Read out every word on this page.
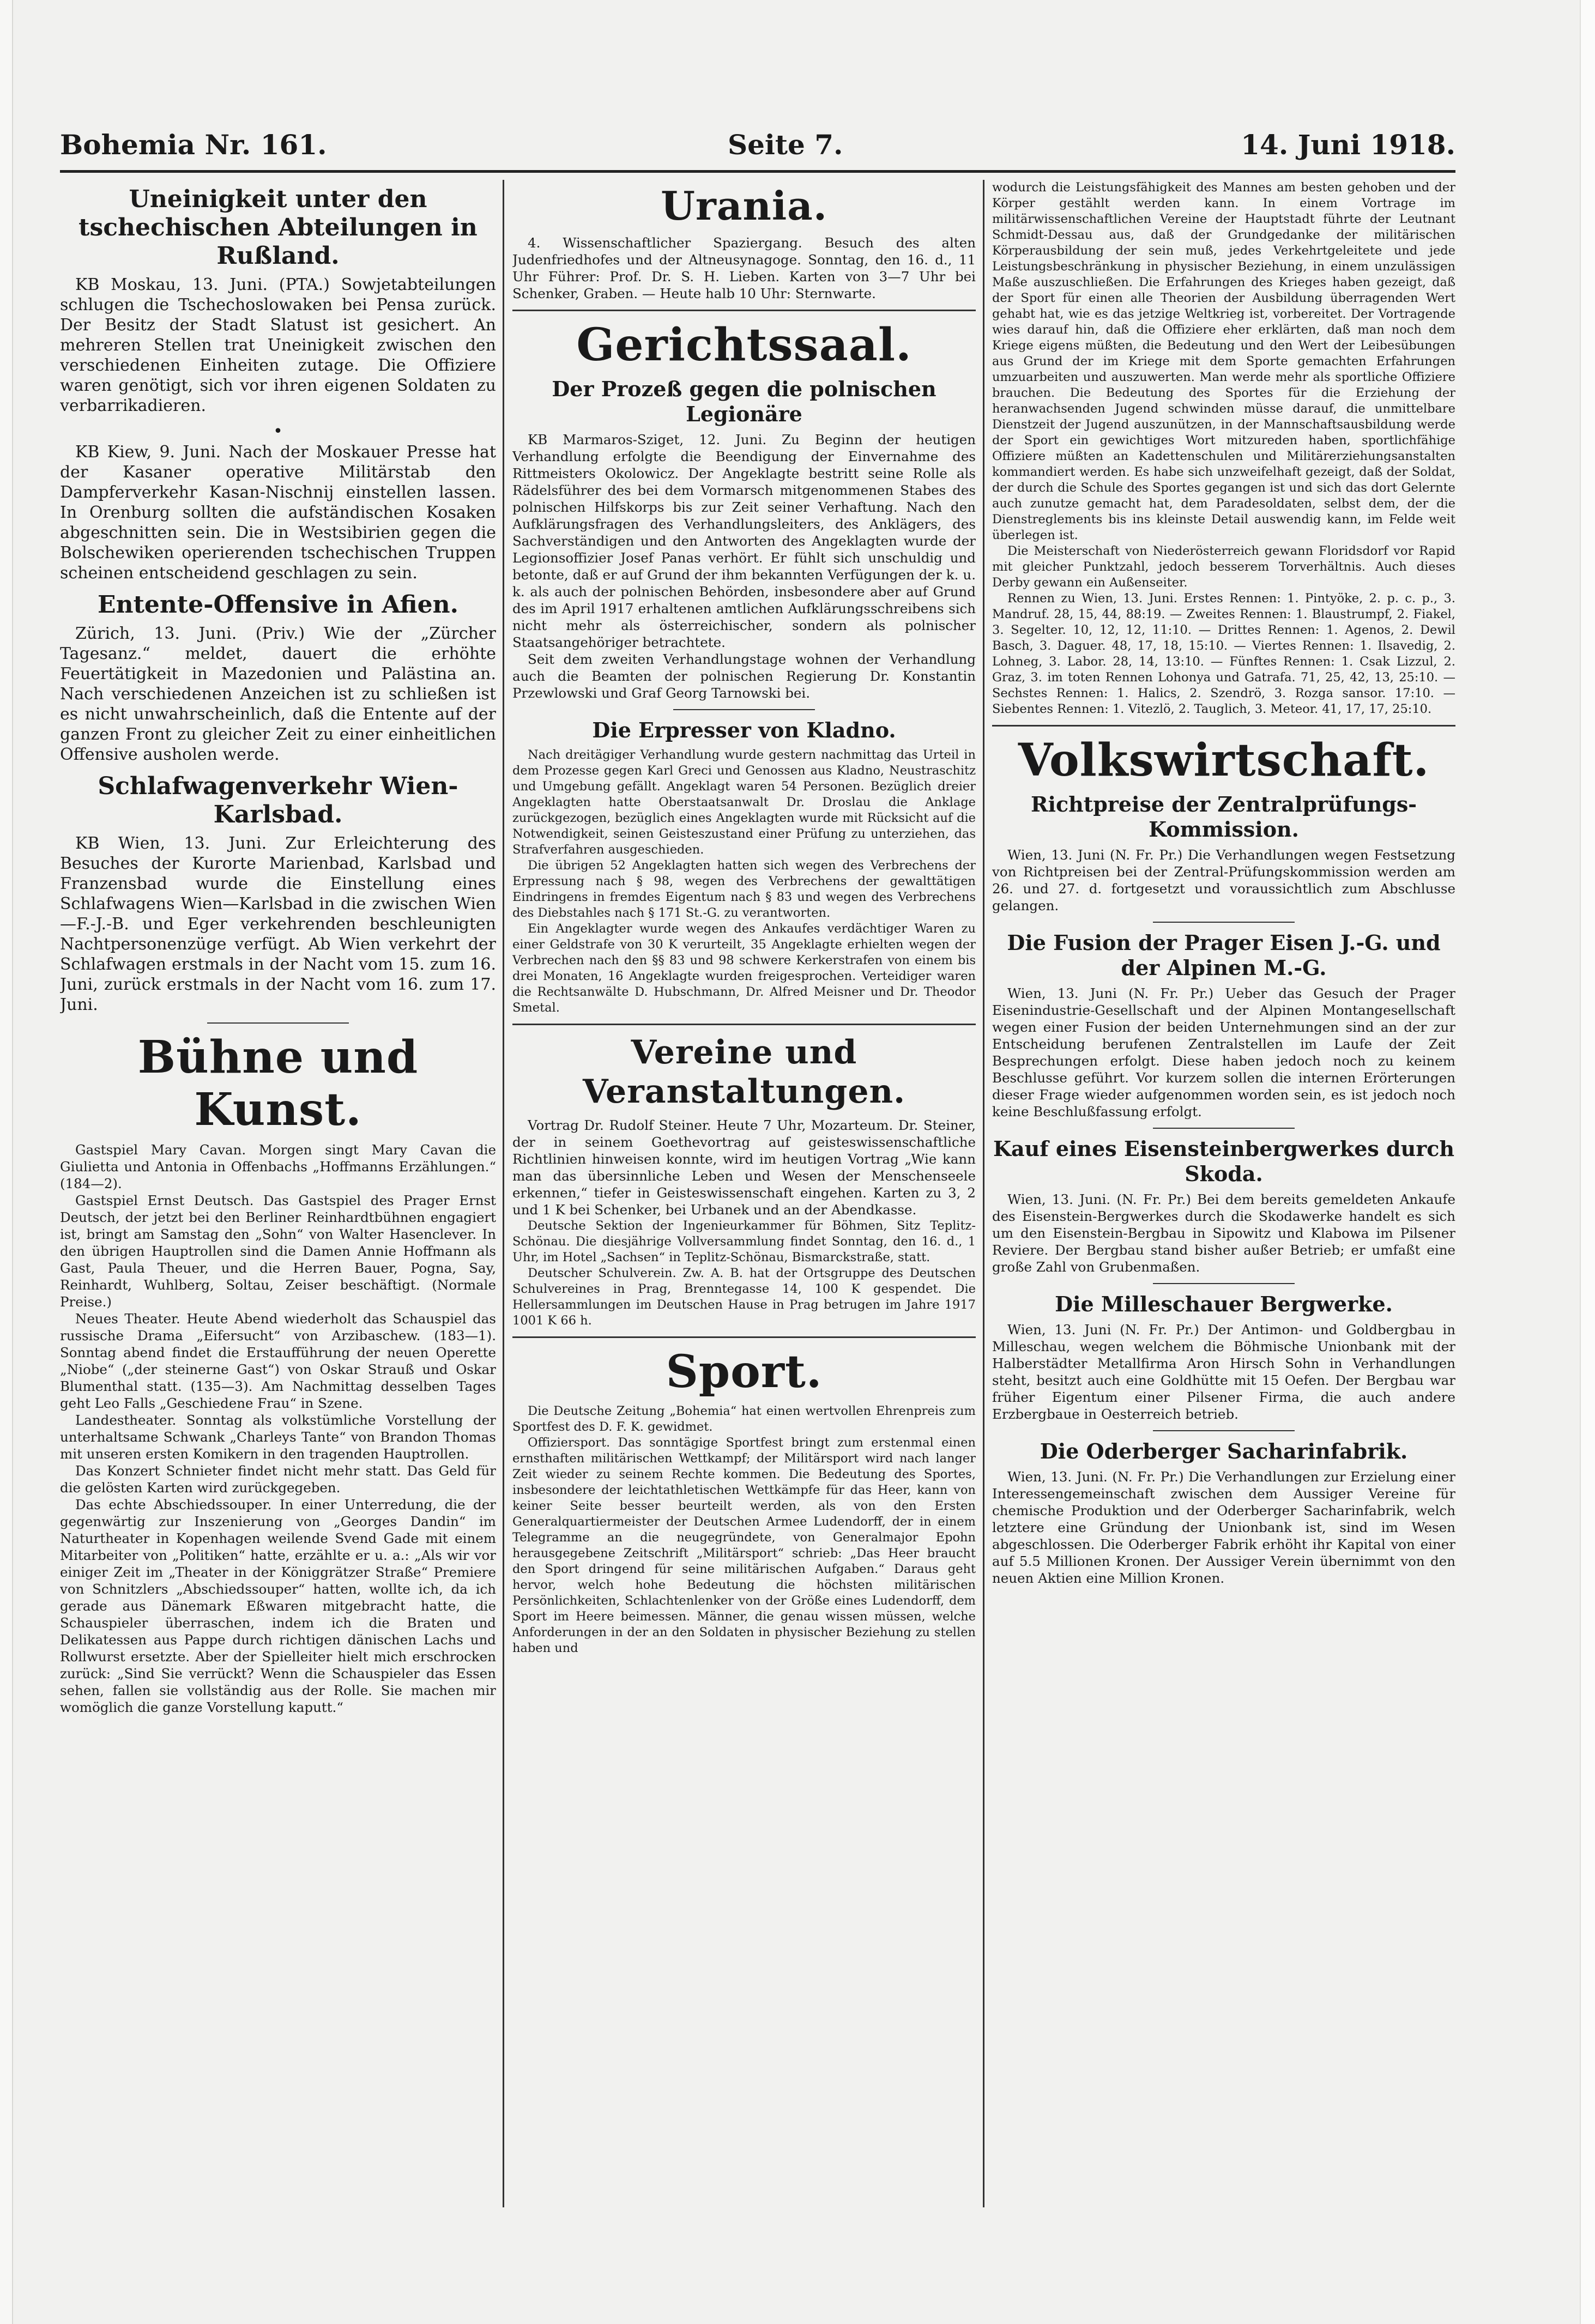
Bohemia Nr. 161.	Seite 7.	14. Juni 1918.
Uneinigkeit unter den tschechischen Abteilungen in Rußland.

KB Moskau, 13. Juni. (PTA.) Sowjetabteilungen schlugen die Tschechoslowaken bei Pensa zurück. Der Besitz der Stadt Slatust ist gesichert. An mehreren Stellen trat Uneinigkeit zwischen den verschiedenen Einheiten zutage. Die Offiziere waren genötigt, sich vor ihren eigenen Soldaten zu verbarrikadieren.

•

KB Kiew, 9. Juni. Nach der Moskauer Presse hat der Kasaner operative Militärstab den Dampferverkehr Kasan-Nischnij einstellen lassen. In Orenburg sollten die aufständischen Kosaken abgeschnitten sein. Die in Westsibirien gegen die Bolschewiken operierenden tschechischen Truppen scheinen entscheidend geschlagen zu sein.

Entente-Offensive in Afien.

Zürich, 13. Juni. (Priv.) Wie der „Zürcher Tagesanz.“ meldet, dauert die erhöhte Feuertätigkeit in Mazedonien und Palästina an. Nach verschiedenen Anzeichen ist zu schließen ist es nicht unwahrscheinlich, daß die Entente auf der ganzen Front zu gleicher Zeit zu einer einheitlichen Offensive ausholen werde.

Schlafwagenverkehr Wien-Karlsbad.

KB Wien, 13. Juni. Zur Erleichterung des Besuches der Kurorte Marienbad, Karlsbad und Franzensbad wurde die Einstellung eines Schlafwagens Wien—Karlsbad in die zwischen Wien—F.-J.-B. und Eger verkehrenden beschleunigten Nachtpersonenzüge verfügt. Ab Wien verkehrt der Schlafwagen erstmals in der Nacht vom 15. zum 16. Juni, zurück erstmals in der Nacht vom 16. zum 17. Juni.

Bühne und Kunst.

Gastspiel Mary Cavan. Morgen singt Mary Cavan die Giulietta und Antonia in Offenbachs „Hoffmanns Erzählungen.“ (184—2).

Gastspiel Ernst Deutsch. Das Gastspiel des Prager Ernst Deutsch, der jetzt bei den Berliner Reinhardtbühnen engagiert ist, bringt am Samstag den „Sohn“ von Walter Hasenclever. In den übrigen Hauptrollen sind die Damen Annie Hoffmann als Gast, Paula Theuer, und die Herren Bauer, Pogna, Say, Reinhardt, Wuhlberg, Soltau, Zeiser beschäftigt. (Normale Preise.)

Neues Theater. Heute Abend wiederholt das Schauspiel das russische Drama „Eifersucht“ von Arzibaschew. (183—1). Sonntag abend findet die Erstaufführung der neuen Operette „Niobe“ („der steinerne Gast“) von Oskar Strauß und Oskar Blumenthal statt. (135—3). Am Nachmittag desselben Tages geht Leo Falls „Geschiedene Frau“ in Szene.

Landestheater. Sonntag als volkstümliche Vorstellung der unterhaltsame Schwank „Charleys Tante“ von Brandon Thomas mit unseren ersten Komikern in den tragenden Hauptrollen.

Das Konzert Schnieter findet nicht mehr statt. Das Geld für die gelösten Karten wird zurückgegeben.

Das echte Abschiedssouper. In einer Unterredung, die der gegenwärtig zur Inszenierung von „Georges Dandin“ im Naturtheater in Kopenhagen weilende Svend Gade mit einem Mitarbeiter von „Politiken“ hatte, erzählte er u. a.: „Als wir vor einiger Zeit im „Theater in der Königgrätzer Straße“ Premiere von Schnitzlers „Abschiedssouper“ hatten, wollte ich, da ich gerade aus Dänemark Eßwaren mitgebracht hatte, die Schauspieler überraschen, indem ich die Braten und Delikatessen aus Pappe durch richtigen dänischen Lachs und Rollwurst ersetzte. Aber der Spielleiter hielt mich erschrocken zurück: „Sind Sie verrückt? Wenn die Schauspieler das Essen sehen, fallen sie vollständig aus der Rolle. Sie machen mir womöglich die ganze Vorstellung kaputt.“

Urania.

4. Wissenschaftlicher Spaziergang. Besuch des alten Judenfriedhofes und der Altneusynagoge. Sonntag, den 16. d., 11 Uhr Führer: Prof. Dr. S. H. Lieben. Karten von 3—7 Uhr bei Schenker, Graben. — Heute halb 10 Uhr: Sternwarte.

Gerichtssaal.
Der Prozeß gegen die polnischen Legionäre

KB Marmaros-Sziget, 12. Juni. Zu Beginn der heutigen Verhandlung erfolgte die Beendigung der Einvernahme des Rittmeisters Okolowicz. Der Angeklagte bestritt seine Rolle als Rädelsführer des bei dem Vormarsch mitgenommenen Stabes des polnischen Hilfskorps bis zur Zeit seiner Verhaftung. Nach den Aufklärungsfragen des Verhandlungsleiters, des Anklägers, des Sachverständigen und den Antworten des Angeklagten wurde der Legionsoffizier Josef Panas verhört. Er fühlt sich unschuldig und betonte, daß er auf Grund der ihm bekannten Verfügungen der k. u. k. als auch der polnischen Behörden, insbesondere aber auf Grund des im April 1917 erhaltenen amtlichen Aufklärungsschreibens sich nicht mehr als österreichischer, sondern als polnischer Staatsangehöriger betrachtete.

Seit dem zweiten Verhandlungstage wohnen der Verhandlung auch die Beamten der polnischen Regierung Dr. Konstantin Przewlowski und Graf Georg Tarnowski bei.

Die Erpresser von Kladno.

Nach dreitägiger Verhandlung wurde gestern nachmittag das Urteil in dem Prozesse gegen Karl Greci und Genossen aus Kladno, Neustraschitz und Umgebung gefällt. Angeklagt waren 54 Personen. Bezüglich dreier Angeklagten hatte Oberstaatsanwalt Dr. Droslau die Anklage zurückgezogen, bezüglich eines Angeklagten wurde mit Rücksicht auf die Notwendigkeit, seinen Geisteszustand einer Prüfung zu unterziehen, das Strafverfahren ausgeschieden.

Die übrigen 52 Angeklagten hatten sich wegen des Verbrechens der Erpressung nach § 98, wegen des Verbrechens der gewalttätigen Eindringens in fremdes Eigentum nach § 83 und wegen des Verbrechens des Diebstahles nach § 171 St.-G. zu verantworten.

Ein Angeklagter wurde wegen des Ankaufes verdächtiger Waren zu einer Geldstrafe von 30 K verurteilt, 35 Angeklagte erhielten wegen der Verbrechen nach den §§ 83 und 98 schwere Kerkerstrafen von einem bis drei Monaten, 16 Angeklagte wurden freigesprochen. Verteidiger waren die Rechtsanwälte D. Hubschmann, Dr. Alfred Meisner und Dr. Theodor Smetal.

Vereine und Veranstaltungen.

Vortrag Dr. Rudolf Steiner. Heute 7 Uhr, Mozarteum. Dr. Steiner, der in seinem Goethevortrag auf geisteswissenschaftliche Richtlinien hinweisen konnte, wird im heutigen Vortrag „Wie kann man das übersinnliche Leben und Wesen der Menschenseele erkennen,“ tiefer in Geisteswissenschaft eingehen. Karten zu 3, 2 und 1 K bei Schenker, bei Urbanek und an der Abendkasse.

Deutsche Sektion der Ingenieurkammer für Böhmen, Sitz Teplitz-Schönau. Die diesjährige Vollversammlung findet Sonntag, den 16. d., 1 Uhr, im Hotel „Sachsen“ in Teplitz-Schönau, Bismarckstraße, statt.

Deutscher Schulverein. Zw. A. B. hat der Ortsgruppe des Deutschen Schulvereines in Prag, Brenntegasse 14, 100 K gespendet. Die Hellersammlungen im Deutschen Hause in Prag betrugen im Jahre 1917 1001 K 66 h.

Sport.

Die Deutsche Zeitung „Bohemia“ hat einen wertvollen Ehrenpreis zum Sportfest des D. F. K. gewidmet.

Offiziersport. Das sonntägige Sportfest bringt zum erstenmal einen ernsthaften militärischen Wettkampf; der Militärsport wird nach langer Zeit wieder zu seinem Rechte kommen. Die Bedeutung des Sportes, insbesondere der leichtathletischen Wettkämpfe für das Heer, kann von keiner Seite besser beurteilt werden, als von den Ersten Generalquartiermeister der Deutschen Armee Ludendorff, der in einem Telegramme an die neugegründete, von Generalmajor Epohn herausgegebene Zeitschrift „Militärsport“ schrieb: „Das Heer braucht den Sport dringend für seine militärischen Aufgaben.“ Daraus geht hervor, welch hohe Bedeutung die höchsten militärischen Persönlichkeiten, Schlachtenlenker von der Größe eines Ludendorff, dem Sport im Heere beimessen. Männer, die genau wissen müssen, welche Anforderungen in der an den Soldaten in physischer Beziehung zu stellen haben und

wodurch die Leistungsfähigkeit des Mannes am besten gehoben und der Körper gestählt werden kann. In einem Vortrage im militärwissenschaftlichen Vereine der Hauptstadt führte der Leutnant Schmidt-Dessau aus, daß der Grundgedanke der militärischen Körperausbildung der sein muß, jedes Verkehrtgeleitete und jede Leistungsbeschränkung in physischer Beziehung, in einem unzulässigen Maße auszuschließen. Die Erfahrungen des Krieges haben gezeigt, daß der Sport für einen alle Theorien der Ausbildung überragenden Wert gehabt hat, wie es das jetzige Weltkrieg ist, vorbereitet. Der Vortragende wies darauf hin, daß die Offiziere eher erklärten, daß man noch dem Kriege eigens müßten, die Bedeutung und den Wert der Leibesübungen aus Grund der im Kriege mit dem Sporte gemachten Erfahrungen umzuarbeiten und auszuwerten. Man werde mehr als sportliche Offiziere brauchen. Die Bedeutung des Sportes für die Erziehung der heranwachsenden Jugend schwinden müsse darauf, die unmittelbare Dienstzeit der Jugend auszunützen, in der Mannschaftsausbildung werde der Sport ein gewichtiges Wort mitzureden haben, sportlichfähige Offiziere müßten an Kadettenschulen und Militärerziehungsanstalten kommandiert werden. Es habe sich unzweifelhaft gezeigt, daß der Soldat, der durch die Schule des Sportes gegangen ist und sich das dort Gelernte auch zunutze gemacht hat, dem Paradesoldaten, selbst dem, der die Dienstreglements bis ins kleinste Detail auswendig kann, im Felde weit überlegen ist.

Die Meisterschaft von Niederösterreich gewann Floridsdorf vor Rapid mit gleicher Punktzahl, jedoch besserem Torverhältnis. Auch dieses Derby gewann ein Außenseiter.

Rennen zu Wien, 13. Juni. Erstes Rennen: 1. Pintyöke, 2. p. c. p., 3. Mandruf. 28, 15, 44, 88:19. — Zweites Rennen: 1. Blaustrumpf, 2. Fiakel, 3. Segelter. 10, 12, 12, 11:10. — Drittes Rennen: 1. Agenos, 2. Dewil Basch, 3. Daguer. 48, 17, 18, 15:10. — Viertes Rennen: 1. Ilsavedig, 2. Lohneg, 3. Labor. 28, 14, 13:10. — Fünftes Rennen: 1. Csak Lizzul, 2. Graz, 3. im toten Rennen Lohonya und Gatrafa. 71, 25, 42, 13, 25:10. — Sechstes Rennen: 1. Halics, 2. Szendrö, 3. Rozga sansor. 17:10. — Siebentes Rennen: 1. Vitezlö, 2. Tauglich, 3. Meteor. 41, 17, 17, 25:10.

Volkswirtschaft.
Richtpreise der Zentralprüfungs-Kommission.

Wien, 13. Juni (N. Fr. Pr.) Die Verhandlungen wegen Festsetzung von Richtpreisen bei der Zentral-Prüfungskommission werden am 26. und 27. d. fortgesetzt und voraussichtlich zum Abschlusse gelangen.

Die Fusion der Prager Eisen J.-G. und der Alpinen M.-G.

Wien, 13. Juni (N. Fr. Pr.) Ueber das Gesuch der Prager Eisenindustrie-Gesellschaft und der Alpinen Montangesellschaft wegen einer Fusion der beiden Unternehmungen sind an der zur Entscheidung berufenen Zentralstellen im Laufe der Zeit Besprechungen erfolgt. Diese haben jedoch noch zu keinem Beschlusse geführt. Vor kurzem sollen die internen Erörterungen dieser Frage wieder aufgenommen worden sein, es ist jedoch noch keine Beschlußfassung erfolgt.

Kauf eines Eisensteinbergwerkes durch Skoda.

Wien, 13. Juni. (N. Fr. Pr.) Bei dem bereits gemeldeten Ankaufe des Eisenstein-Bergwerkes durch die Skodawerke handelt es sich um den Eisenstein-Bergbau in Sipowitz und Klabowa im Pilsener Reviere. Der Bergbau stand bisher außer Betrieb; er umfaßt eine große Zahl von Grubenmaßen.

Die Milleschauer Bergwerke.

Wien, 13. Juni (N. Fr. Pr.) Der Antimon- und Goldbergbau in Milleschau, wegen welchem die Böhmische Unionbank mit der Halberstädter Metallfirma Aron Hirsch Sohn in Verhandlungen steht, besitzt auch eine Goldhütte mit 15 Oefen. Der Bergbau war früher Eigentum einer Pilsener Firma, die auch andere Erzbergbaue in Oesterreich betrieb.

Die Oderberger Sacharinfabrik.

Wien, 13. Juni. (N. Fr. Pr.) Die Verhandlungen zur Erzielung einer Interessengemeinschaft zwischen dem Aussiger Vereine für chemische Produktion und der Oderberger Sacharinfabrik, welch letztere eine Gründung der Unionbank ist, sind im Wesen abgeschlossen. Die Oderberger Fabrik erhöht ihr Kapital von einer auf 5.5 Millionen Kronen. Der Aussiger Verein übernimmt von den neuen Aktien eine Million Kronen.
